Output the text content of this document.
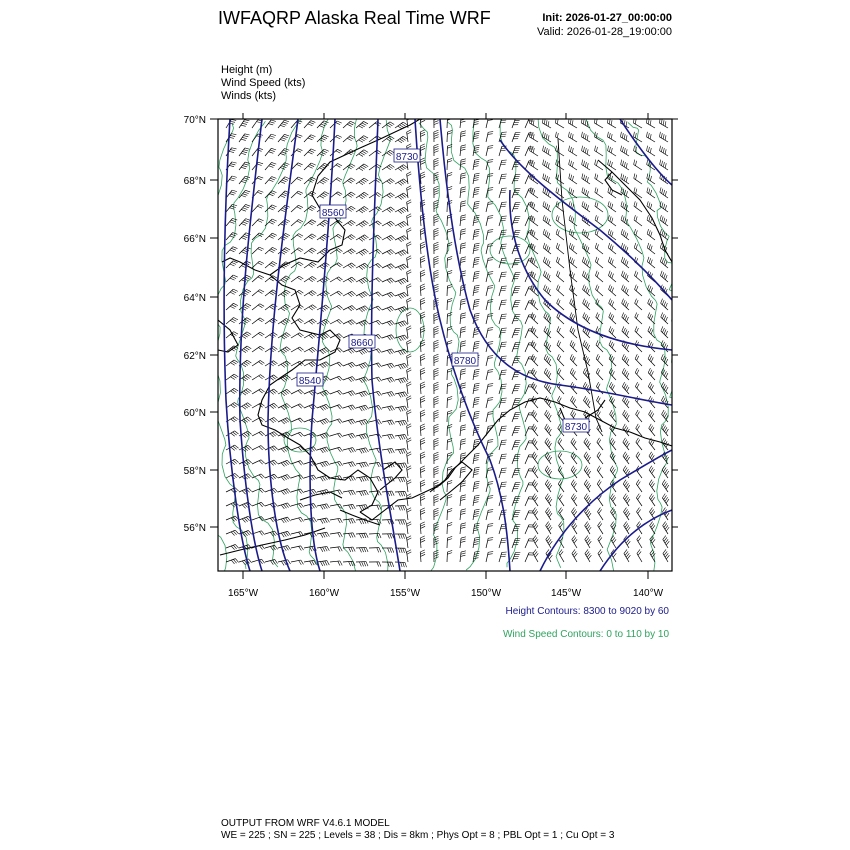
IWFAQRP Alaska Real Time WRF	Init: 2026-01-27_00:00:00
Valid: 2026-01-28_19:00:00
Height (m)
Wind Speed (kts)
Winds (kts)
70°N
68°N
66°N
64°N
62°N
60°N
58°N
56°N
165°W	160°W	155°W	150°W	145°W	140°W
8730
8560
8660
8540
8780
8730
Height Contours: 8300 to 9020 by 60
Wind Speed Contours: 0 to 110 by 10
OUTPUT FROM WRF V4.6.1 MODEL
WE = 225 ; SN = 225 ; Levels = 38 ; Dis = 8km ; Phys Opt = 8 ; PBL Opt = 1 ; Cu Opt = 3
